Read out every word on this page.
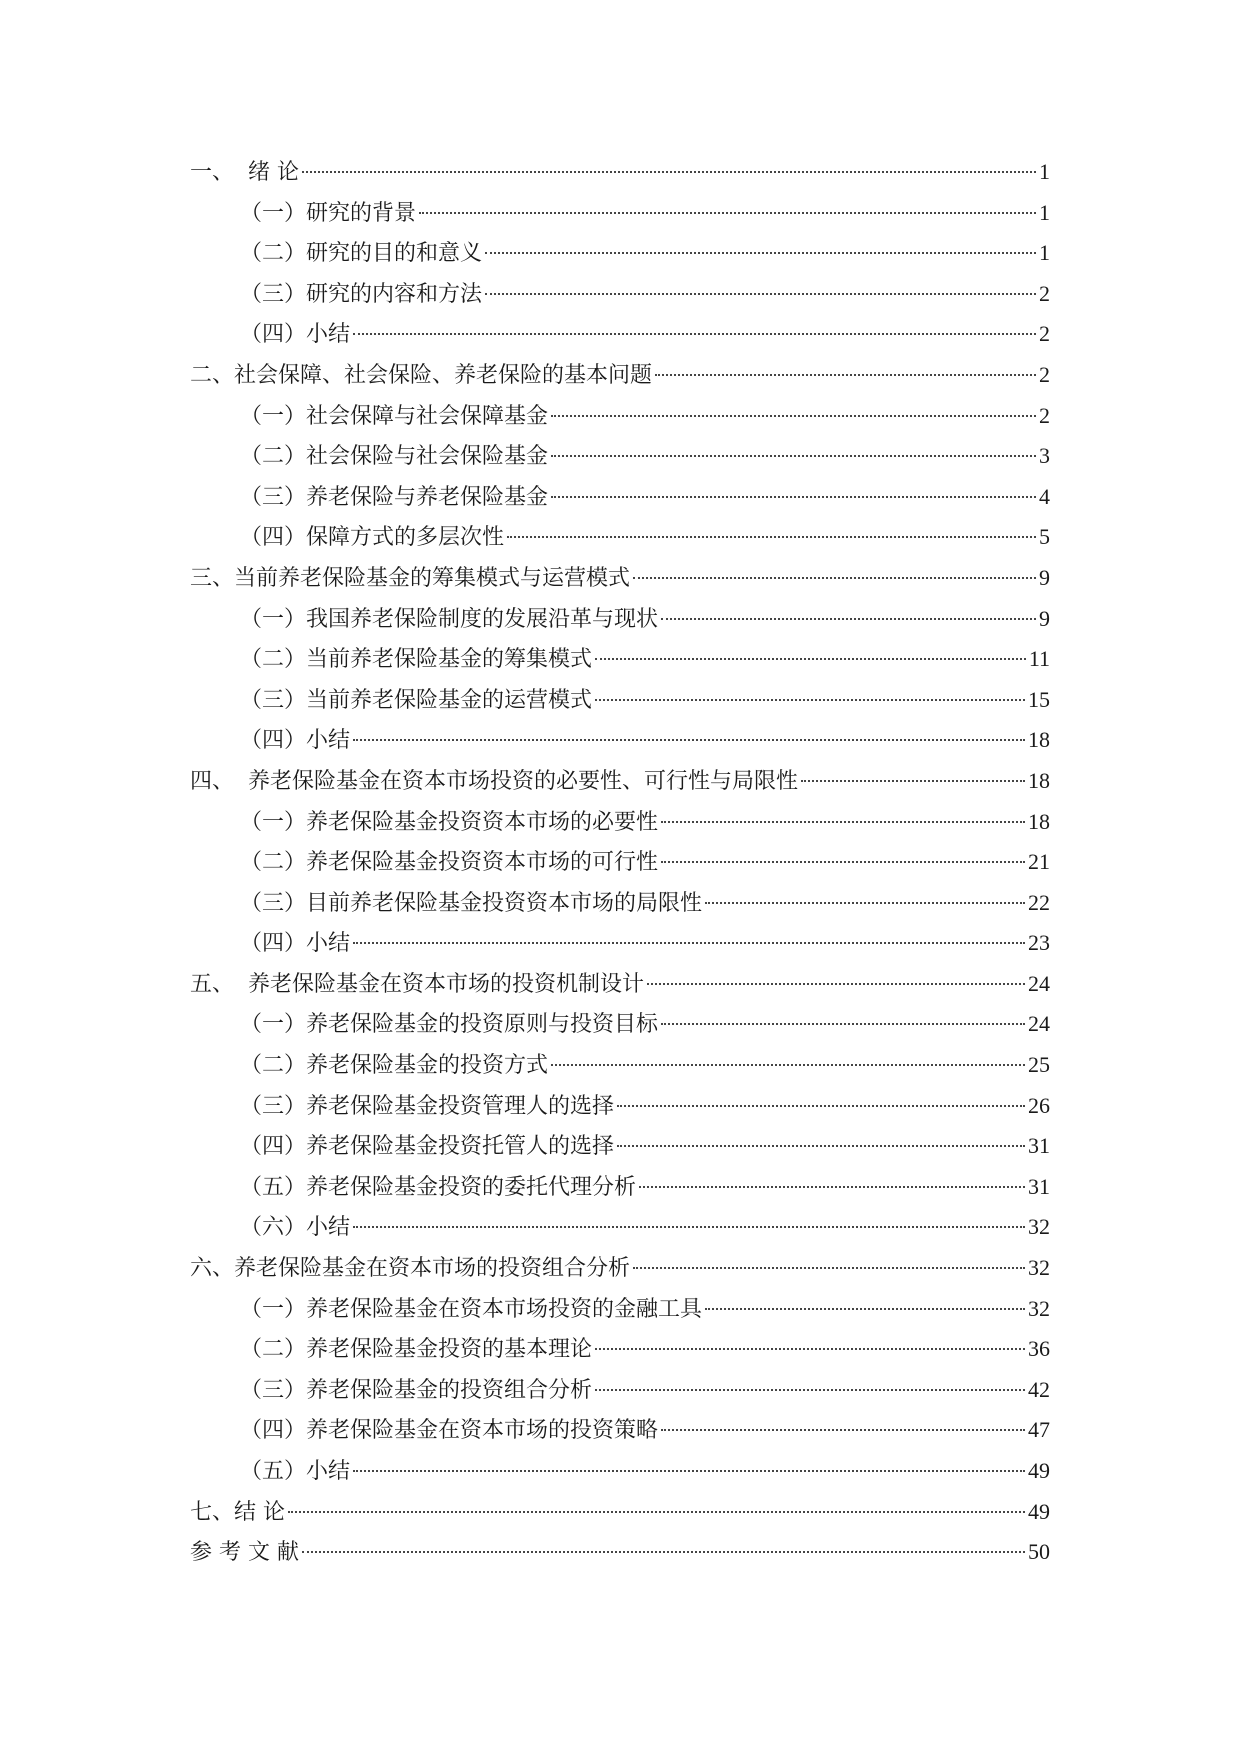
一、  绪 论	1
（一）研究的背景	1
（二）研究的目的和意义	1
（三）研究的内容和方法	2
（四）小结	2
二、社会保障、社会保险、养老保险的基本问题	2
（一）社会保障与社会保障基金	2
（二）社会保险与社会保险基金	3
（三）养老保险与养老保险基金	4
（四）保障方式的多层次性	5
三、当前养老保险基金的筹集模式与运营模式	9
（一）我国养老保险制度的发展沿革与现状	9
（二）当前养老保险基金的筹集模式	11
（三）当前养老保险基金的运营模式	15
（四）小结	18
四、  养老保险基金在资本市场投资的必要性、可行性与局限性	18
（一）养老保险基金投资资本市场的必要性	18
（二）养老保险基金投资资本市场的可行性	21
（三）目前养老保险基金投资资本市场的局限性	22
（四）小结	23
五、  养老保险基金在资本市场的投资机制设计	24
（一）养老保险基金的投资原则与投资目标	24
（二）养老保险基金的投资方式	25
（三）养老保险基金投资管理人的选择	26
（四）养老保险基金投资托管人的选择	31
（五）养老保险基金投资的委托代理分析	31
（六）小结	32
六、养老保险基金在资本市场的投资组合分析	32
（一）养老保险基金在资本市场投资的金融工具	32
（二）养老保险基金投资的基本理论	36
（三）养老保险基金的投资组合分析	42
（四）养老保险基金在资本市场的投资策略	47
（五）小结	49
七、结 论	49
参 考 文 献	50
